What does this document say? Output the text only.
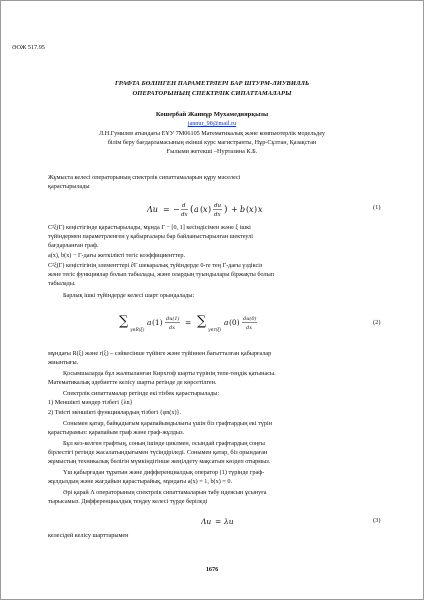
ӘОЖ 517.95
ГРАФТА БӨЛІНГЕН ПАРАМЕТРЛЕРІ БАР ШТУРМ-ЛИУВИЛЛЬ
ОПЕРАТОРЫНЫҢ СПЕКТРЛІК СИПАТТАМАЛАРЫ
Кошербай Жаннұр Мухамедиярқызы
jannur_98@mail.ru
Л.Н.Гумилев атындағы ЕҰУ 7М06105 Математикалық және компьютерлік модельдеу
білім беру бағдарламасының екінші курс магистранты, Нұр-Сұлтан, Қазақстан
Ғылыми жетекші –Нуртазина К.Б.
Жұмыста келесі операторының спектрлік сипаттамаларын құру мәселесі
қарастырылады
Λu = − d
dx ( a ( x ) du
dx ) + b ( x ) x	(1)
C²ξ(Γ) кеңістігінде қарастырылады, мұнда Γ − [0, 1] кесіндісімен және ξ ішкі
түйіндермен параметрленген γ қабырғалары бар байланыстырылған шектеулі
бағдарланған граф.
a(x), b(x) − Γ-дағы жеткілікті тегіс коэффициенттер.
C²ξ(Γ) кеңістігінің элементтері ∂Γ шекаралық түйіндерде 0-ге тең Γ-дағы үздіксіз
және тегіс функциялар болып табылады, және олардың туындылары біржақты болып
табылады.
Барлық ішкі түйіндерде келесі шарт орындалады:
∑
γ∈R(ξ)
a (1) du(1)
dx
= ∑
γ∈r(ξ)
a (0) du(0)
dx
(2)
мұндағы R(ξ) және r(ξ) – сәйкесінше түйінге және түйіннен бағытталған қабырғалар
жиынтығы.
Қосымшаларда бұл жалпыланған Кирхгоф шарты түрінің тепе-теңдік қатынасы.
Математикалық әдебиетте келісу шарты ретінде де көрсетілген.
Спектрлік сипаттамалар ретінде екі тізбек қарастырылады:
1) Меншікті мәндер тізбегі {λn}
2) Тиісті меншікті функциялардың тізбегі {φn(x)}.
Сонымен қатар, байқадығым қарапайымдылығы үшін біз графтардың екі түрін
қарастырамыз: қарапайым граф және граф-жұлдыз.
Бұл кез-келген графтың, соның ішінде циклмен, осындай графтардың соңғы
бірлестігі ретінде жасалатындығымен түсіндіріледі. Сонымен қатар, біз орындаған
жұмыстың техникалық бөлігін мүмкіндігінше жеңілдету мақсатын көздеп отырмыз.
Үш қабырғадан тұратын және дифференциалдық оператор (1) түрінде граф-
жұлдыздың және жағдайын қарастырайық, мұндағы a(x) = 1, b(x) = 0.
Әрі қарай Λ операторының спектрлік сипаттамаларын табу идеясын ұсынуға
тырысамыз. Дифференциалдық теңдеу келесі түрде беріледі
Λu = λu	(3)
келесідей келісу шарттарымен
1676
